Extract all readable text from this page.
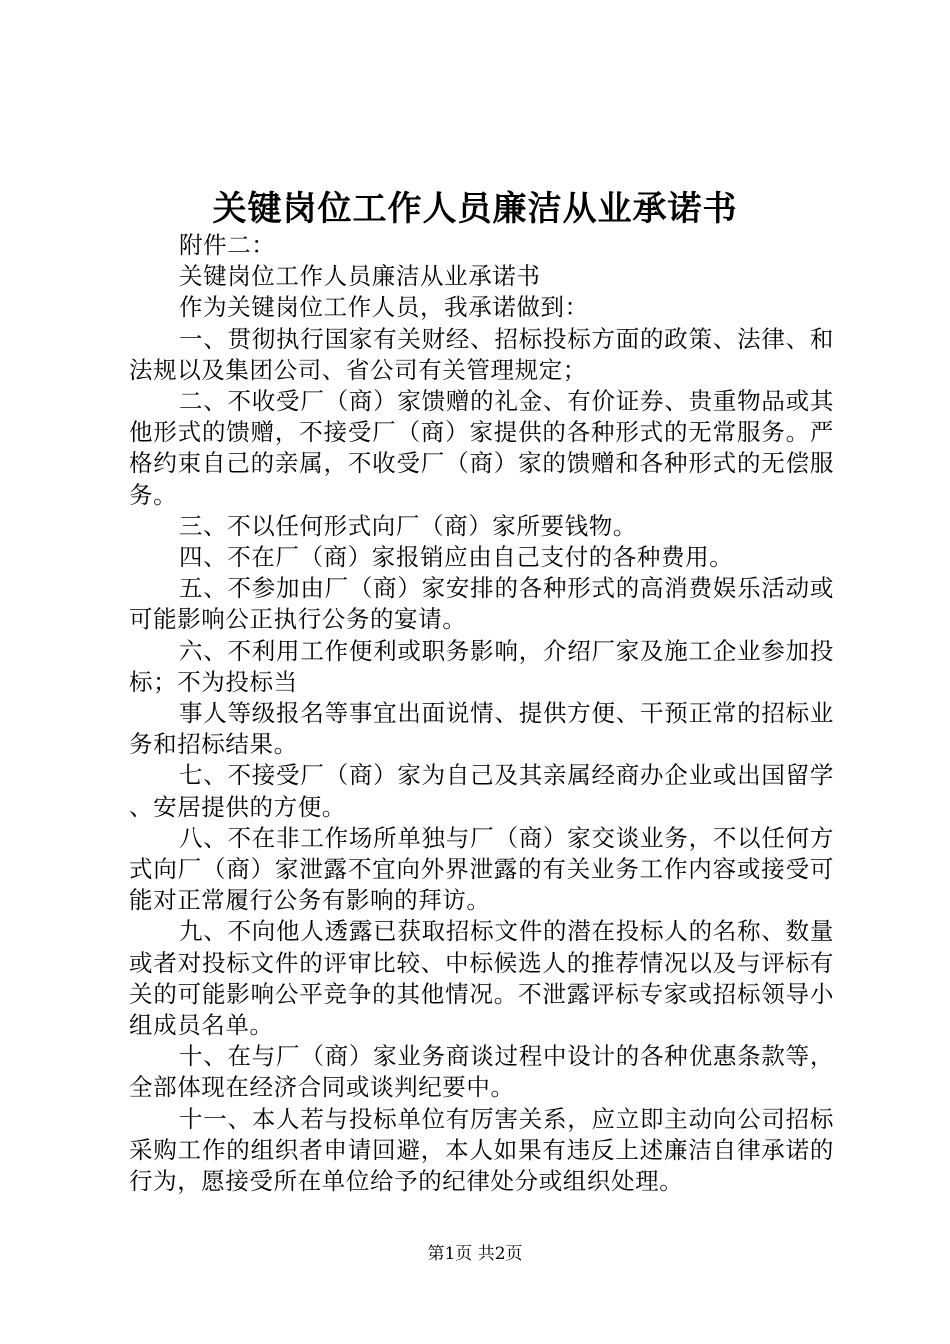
关键岗位工作人员廉洁从业承诺书

附件二：

关键岗位工作人员廉洁从业承诺书

作为关键岗位工作人员，我承诺做到：

一、贯彻执行国家有关财经、招标投标方面的政策、法律、和法规以及集团公司、省公司有关管理规定；

二、不收受厂（商）家馈赠的礼金、有价证券、贵重物品或其他形式的馈赠，不接受厂（商）家提供的各种形式的无常服务。严格约束自己的亲属，不收受厂（商）家的馈赠和各种形式的无偿服务。

三、不以任何形式向厂（商）家所要钱物。

四、不在厂（商）家报销应由自己支付的各种费用。

五、不参加由厂（商）家安排的各种形式的高消费娱乐活动或可能影响公正执行公务的宴请。

六、不利用工作便利或职务影响，介绍厂家及施工企业参加投标；不为投标当

事人等级报名等事宜出面说情、提供方便、干预正常的招标业务和招标结果。

七、不接受厂（商）家为自己及其亲属经商办企业或出国留学、安居提供的方便。

八、不在非工作场所单独与厂（商）家交谈业务，不以任何方式向厂（商）家泄露不宜向外界泄露的有关业务工作内容或接受可能对正常履行公务有影响的拜访。

九、不向他人透露已获取招标文件的潜在投标人的名称、数量或者对投标文件的评审比较、中标候选人的推荐情况以及与评标有关的可能影响公平竞争的其他情况。不泄露评标专家或招标领导小组成员名单。

十、在与厂（商）家业务商谈过程中设计的各种优惠条款等，全部体现在经济合同或谈判纪要中。

十一、本人若与投标单位有厉害关系，应立即主动向公司招标采购工作的组织者申请回避，本人如果有违反上述廉洁自律承诺的行为，愿接受所在单位给予的纪律处分或组织处理。

第1页 共2页
